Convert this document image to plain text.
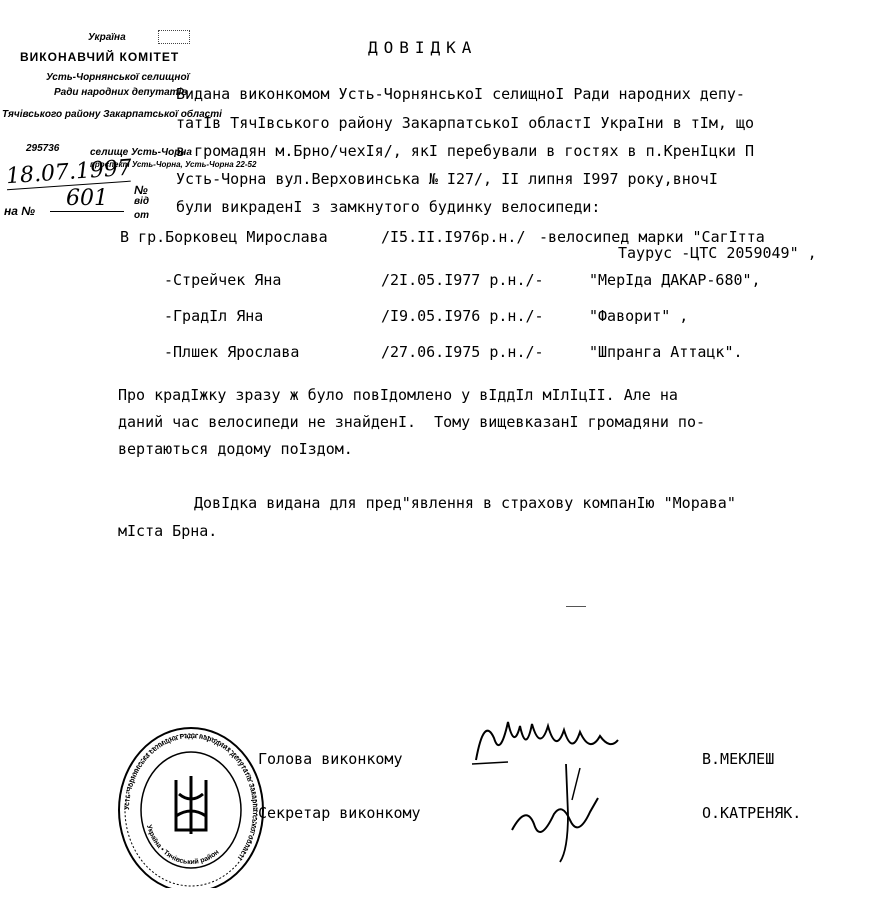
Україна
ВИКОНАВЧИЙ КОМІТЕТ
Усть-Чорнянської селищної
Ради народних депутатів
Тячівського району Закарпатської області
295736	селище Усть-Чорна
проспект Усть-Чорна, Усть-Чорна 22-52
18.07.1997
№
на №	601	від
от
ДОВІДКА
Видана виконкомом Усть-ЧорнянськоI селищноI Ради народних депу-
татIв ТячIвського району ЗакарпатськоI областI УкраIни в тIм, що
в громадян м.Брно/чехIя/, якI перебували в гостях в п.КренIцки П
Усть-Чорна вул.Верховинська № I27/, II липня I997 року,вночI
були викраденI з замкнутого будинку велосипеди:
В гр.Борковец Мирослава	/I5.II.I976р.н./ -велосипед марки "СагIтта
Таурус -ЦТС 2059049" ,
-Стрейчек Яна	/2I.05.I977 р.н./-	"МерIда ДАКАР-680",
-ГрадIл Яна	/I9.05.I976 р.н./-	"Фаворит" ,
-Плшек Ярослава	/27.06.I975 р.н./-	"Шпранга Аттацк".
Про крадIжку зразу ж було повIдомлено у вIддIл мIлIцII. Але на
даний час велосипеди не знайденI.  Тому вищевказанI громадяни по-
вертаються додому поIздом.
ДовIдка видана для пред"явлення в страхову компанIю "Морава"
мIста Брна.
Усть-Чорнянська селищна Рада народних депутатів Закарпатської області
Україна • Тячівський район
Голова виконкому	В.МЕКЛЕШ
Секретар виконкому	О.КАТРЕНЯК.
